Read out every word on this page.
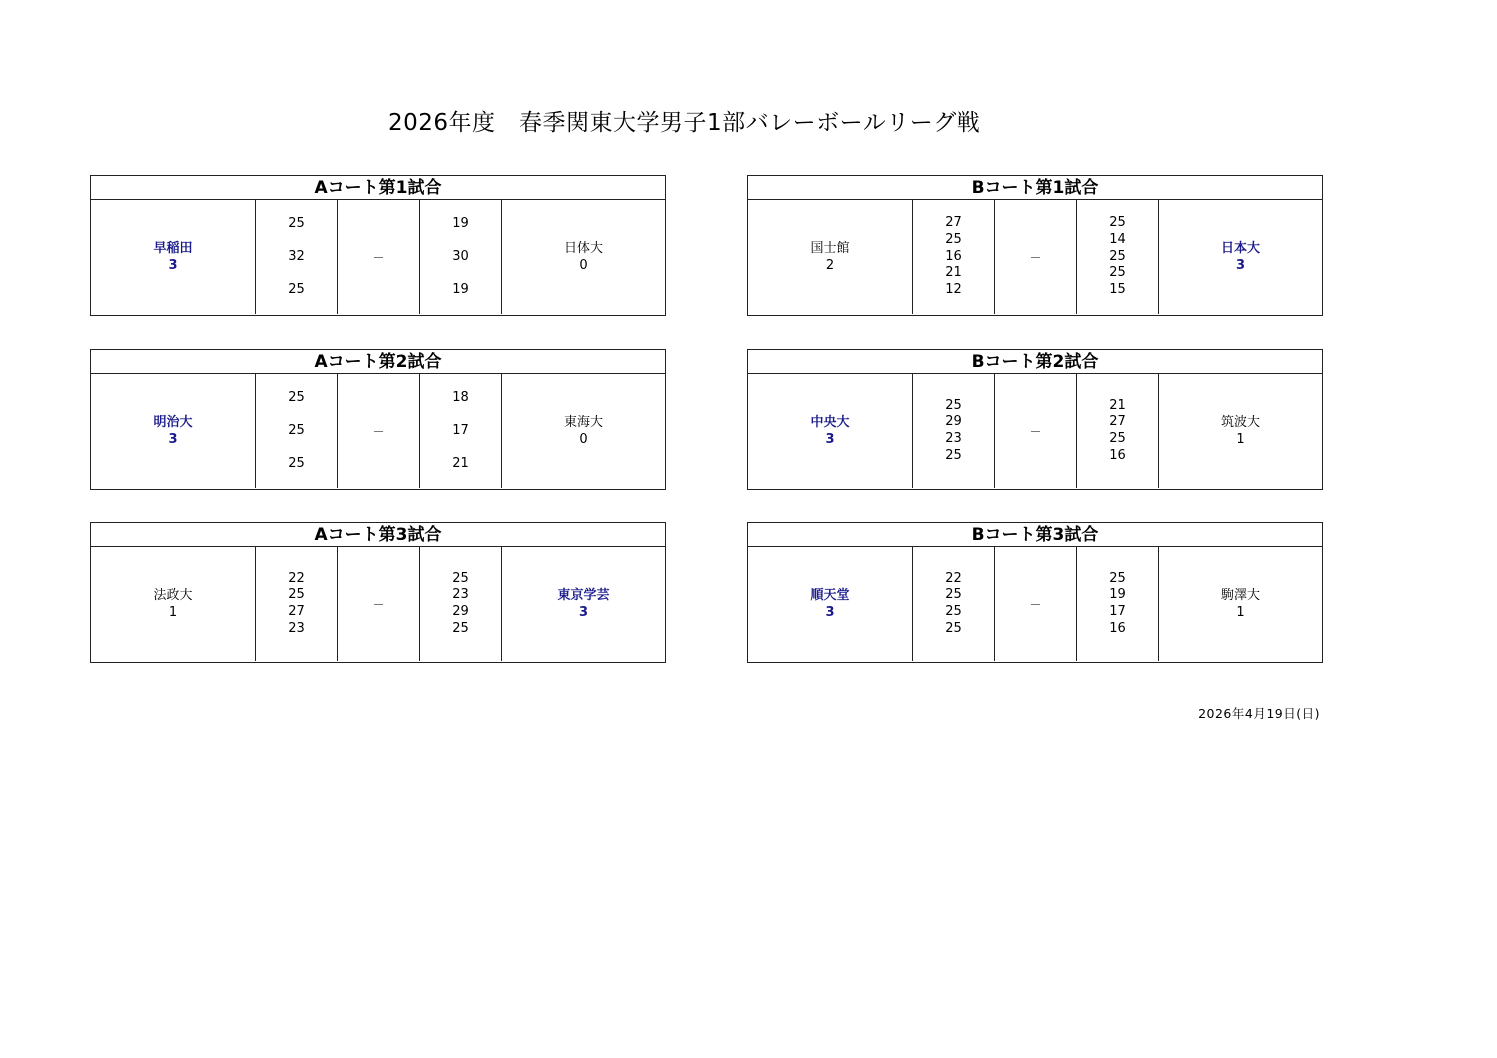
2026年度　春季関東大学男子1部バレーボールリーグ戦
Aコート第1試合
早稲田
3
25
32
25
－
19
30
19
日体大
0
Bコート第1試合
国士館
2
27
25
16
21
12
－
25
14
25
25
15
日本大
3
Aコート第2試合
明治大
3
25
25
25
－
18
17
21
東海大
0
Bコート第2試合
中央大
3
25
29
23
25
－
21
27
25
16
筑波大
1
Aコート第3試合
法政大
1
22
25
27
23
－
25
23
29
25
東京学芸
3
Bコート第3試合
順天堂
3
22
25
25
25
－
25
19
17
16
駒澤大
1
2026年4月19日(日)
